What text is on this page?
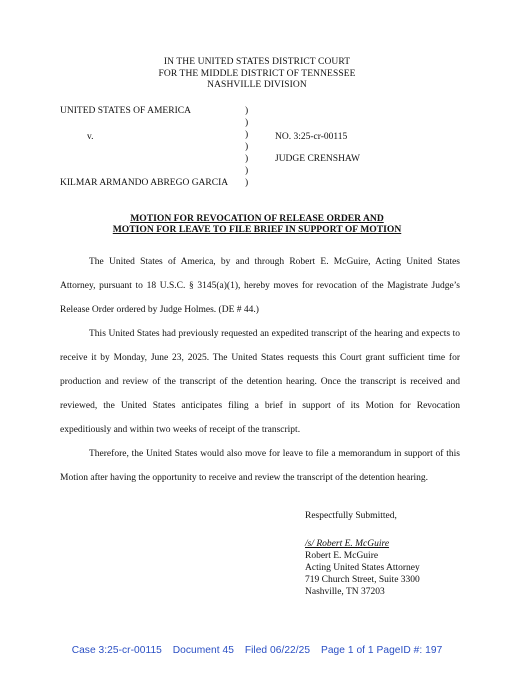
IN THE UNITED STATES DISTRICT COURT
FOR THE MIDDLE DISTRICT OF TENNESSEE
NASHVILLE DIVISION
UNITED STATES OF AMERICA
v.
KILMAR ARMANDO ABREGO GARCIA
)
)
)
)
)
)
)
NO. 3:25-cr-00115
JUDGE CRENSHAW
MOTION FOR REVOCATION OF RELEASE ORDER AND
MOTION FOR LEAVE TO FILE BRIEF IN SUPPORT OF MOTION

The United States of America, by and through Robert E. McGuire, Acting United States Attorney, pursuant to 18 U.S.C. § 3145(a)(1), hereby moves for revocation of the Magistrate Judge’s Release Order ordered by Judge Holmes. (DE # 44.)

This United States had previously requested an expedited transcript of the hearing and expects to receive it by Monday, June 23, 2025. The United States requests this Court grant sufficient time for production and review of the transcript of the detention hearing. Once the transcript is received and reviewed, the United States anticipates filing a brief in support of its Motion for Revocation expeditiously and within two weeks of receipt of the transcript.

Therefore, the United States would also move for leave to file a memorandum in support of this Motion after having the opportunity to receive and review the transcript of the detention hearing.

Respectfully Submitted,
/s/ Robert E. McGuire
Robert E. McGuire
Acting United States Attorney
719 Church Street, Suite 3300
Nashville, TN 37203
Case 3:25-cr-00115 Document 45 Filed 06/22/25 Page 1 of 1 PageID #: 197
